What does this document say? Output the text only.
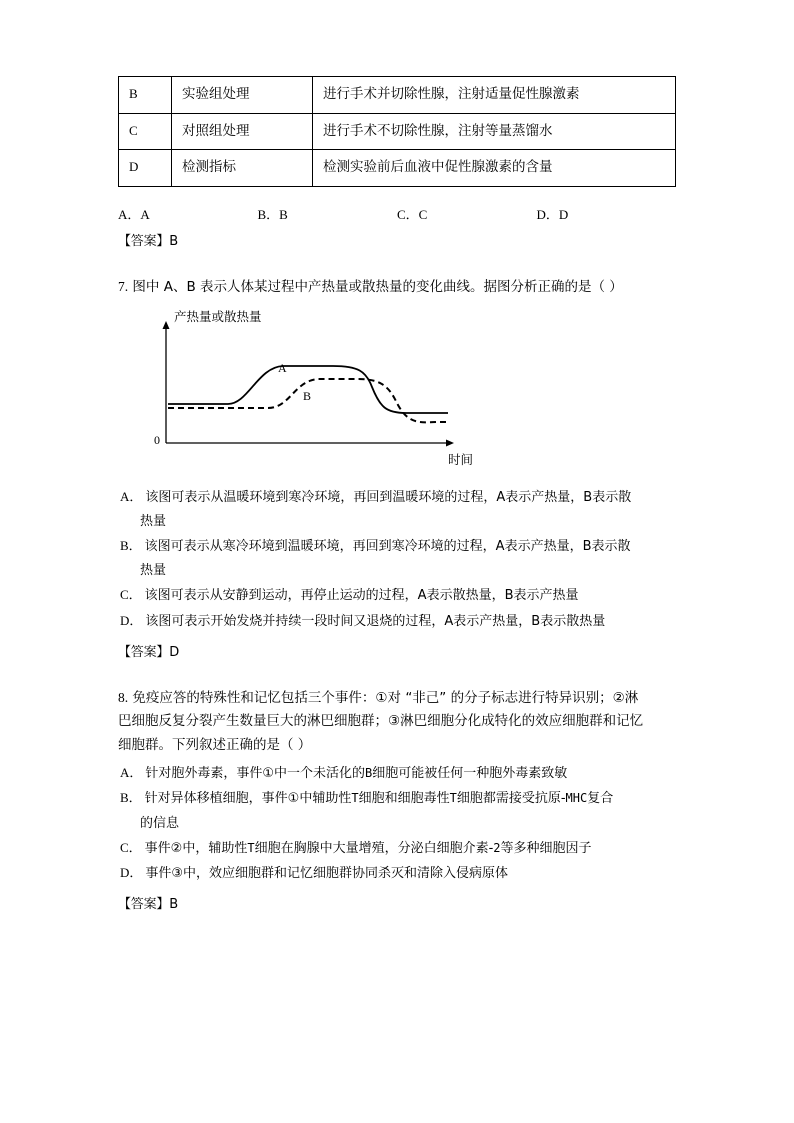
B	实验组处理	进行手术并切除性腺，注射适量促性腺激素
C	对照组处理	进行手术不切除性腺，注射等量蒸馏水
D	检测指标	检测实验前后血液中促性腺激素的含量
A．A	B．B	C．C	D．D
【答案】B
7. 图中 A、B 表示人体某过程中产热量或散热量的变化曲线。据图分析正确的是（ ）
产热量或散热量
时间
0
A
B
A． 该图可表示从温暖环境到寒冷环境，再回到温暖环境的过程，A表示产热量，B表示散
热量
B． 该图可表示从寒冷环境到温暖环境，再回到寒冷环境的过程，A表示产热量，B表示散
热量
C． 该图可表示从安静到运动，再停止运动的过程，A表示散热量，B表示产热量
D． 该图可表示开始发烧并持续一段时间又退烧的过程，A表示产热量，B表示散热量
【答案】D
8. 免疫应答的特殊性和记忆包括三个事件：①对 “非己” 的分子标志进行特异识别；②淋
巴细胞反复分裂产生数量巨大的淋巴细胞群；③淋巴细胞分化成特化的效应细胞群和记忆
细胞群。下列叙述正确的是（ ）
A． 针对胞外毒素，事件①中一个未活化的B细胞可能被任何一种胞外毒素致敏
B． 针对异体移植细胞，事件①中辅助性T细胞和细胞毒性T细胞都需接受抗原-MHC复合
的信息
C． 事件②中，辅助性T细胞在胸腺中大量增殖，分泌白细胞介素-2等多种细胞因子
D． 事件③中，效应细胞群和记忆细胞群协同杀灭和清除入侵病原体
【答案】B
